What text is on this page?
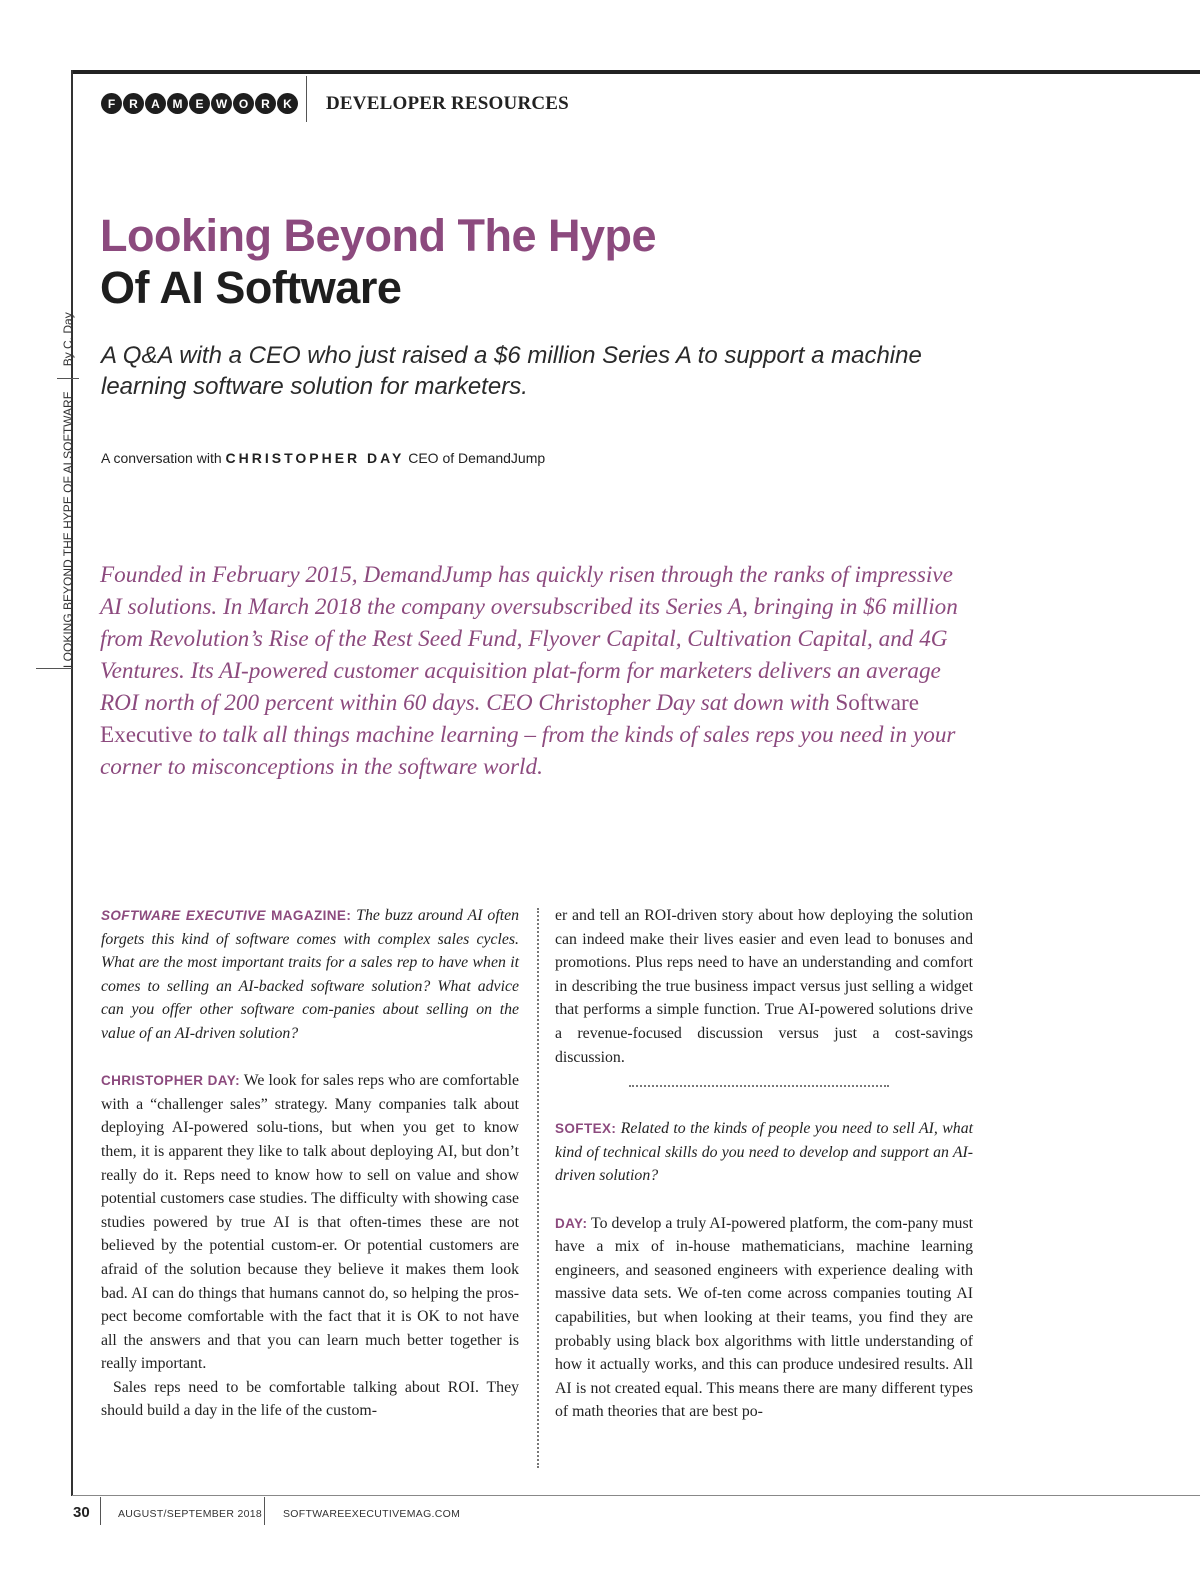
F	R	A	M	E	W O	R	K	DEVELOPER RESOURCES
LOOKING BEYOND THE HYPE OF AI SOFTWARE
By C. Day
Looking Beyond The Hype
Of AI Software
A Q&A with a CEO who just raised a $6 million Series A to support a machine learning software solution for marketers.
A conversation with CHRISTOPHER DAY CEO of DemandJump
Founded in February 2015, DemandJump has quickly risen through the ranks of impressive AI solutions. In March 2018 the company oversubscribed its Series A, bringing in $6 million from Revolution’s Rise of the Rest Seed Fund, Flyover Capital, Cultivation Capital, and 4G Ventures. Its AI-powered customer acquisition plat-form for marketers delivers an average ROI north of 200 percent within 60 days. CEO Christopher Day sat down with Software Executive to talk all things machine learning – from the kinds of sales reps you need in your corner to misconceptions in the software world.

SOFTWARE EXECUTIVE MAGAZINE: The buzz around AI often forgets this kind of software comes with complex sales cycles. What are the most important traits for a sales rep to have when it comes to selling an AI-backed software solution? What advice can you offer other software com-panies about selling on the value of an AI-driven solution?

CHRISTOPHER DAY: We look for sales reps who are comfortable with a “challenger sales” strategy. Many companies talk about deploying AI-powered solu-tions, but when you get to know them, it is apparent they like to talk about deploying AI, but don’t really do it. Reps need to know how to sell on value and show potential customers case studies. The difficulty with showing case studies powered by true AI is that often-times these are not believed by the potential custom-er. Or potential customers are afraid of the solution because they believe it makes them look bad. AI can do things that humans cannot do, so helping the pros-pect become comfortable with the fact that it is OK to not have all the answers and that you can learn much better together is really important.

Sales reps need to be comfortable talking about ROI. They should build a day in the life of the custom-

er and tell an ROI-driven story about how deploying the solution can indeed make their lives easier and even lead to bonuses and promotions. Plus reps need to have an understanding and comfort in describing the true business impact versus just selling a widget that performs a simple function. True AI-powered solutions drive a revenue-focused discussion versus just a cost-savings discussion.

SOFTEX: Related to the kinds of people you need to sell AI, what kind of technical skills do you need to develop and support an AI-driven solution?

DAY: To develop a truly AI-powered platform, the com-pany must have a mix of in-house mathematicians, machine learning engineers, and seasoned engineers with experience dealing with massive data sets. We of-ten come across companies touting AI capabilities, but when looking at their teams, you find they are probably using black box algorithms with little understanding of how it actually works, and this can produce undesired results. All AI is not created equal. This means there are many different types of math theories that are best po-

30	AUGUST/SEPTEMBER 2018 SOFTWAREEXECUTIVEMAG.COM
